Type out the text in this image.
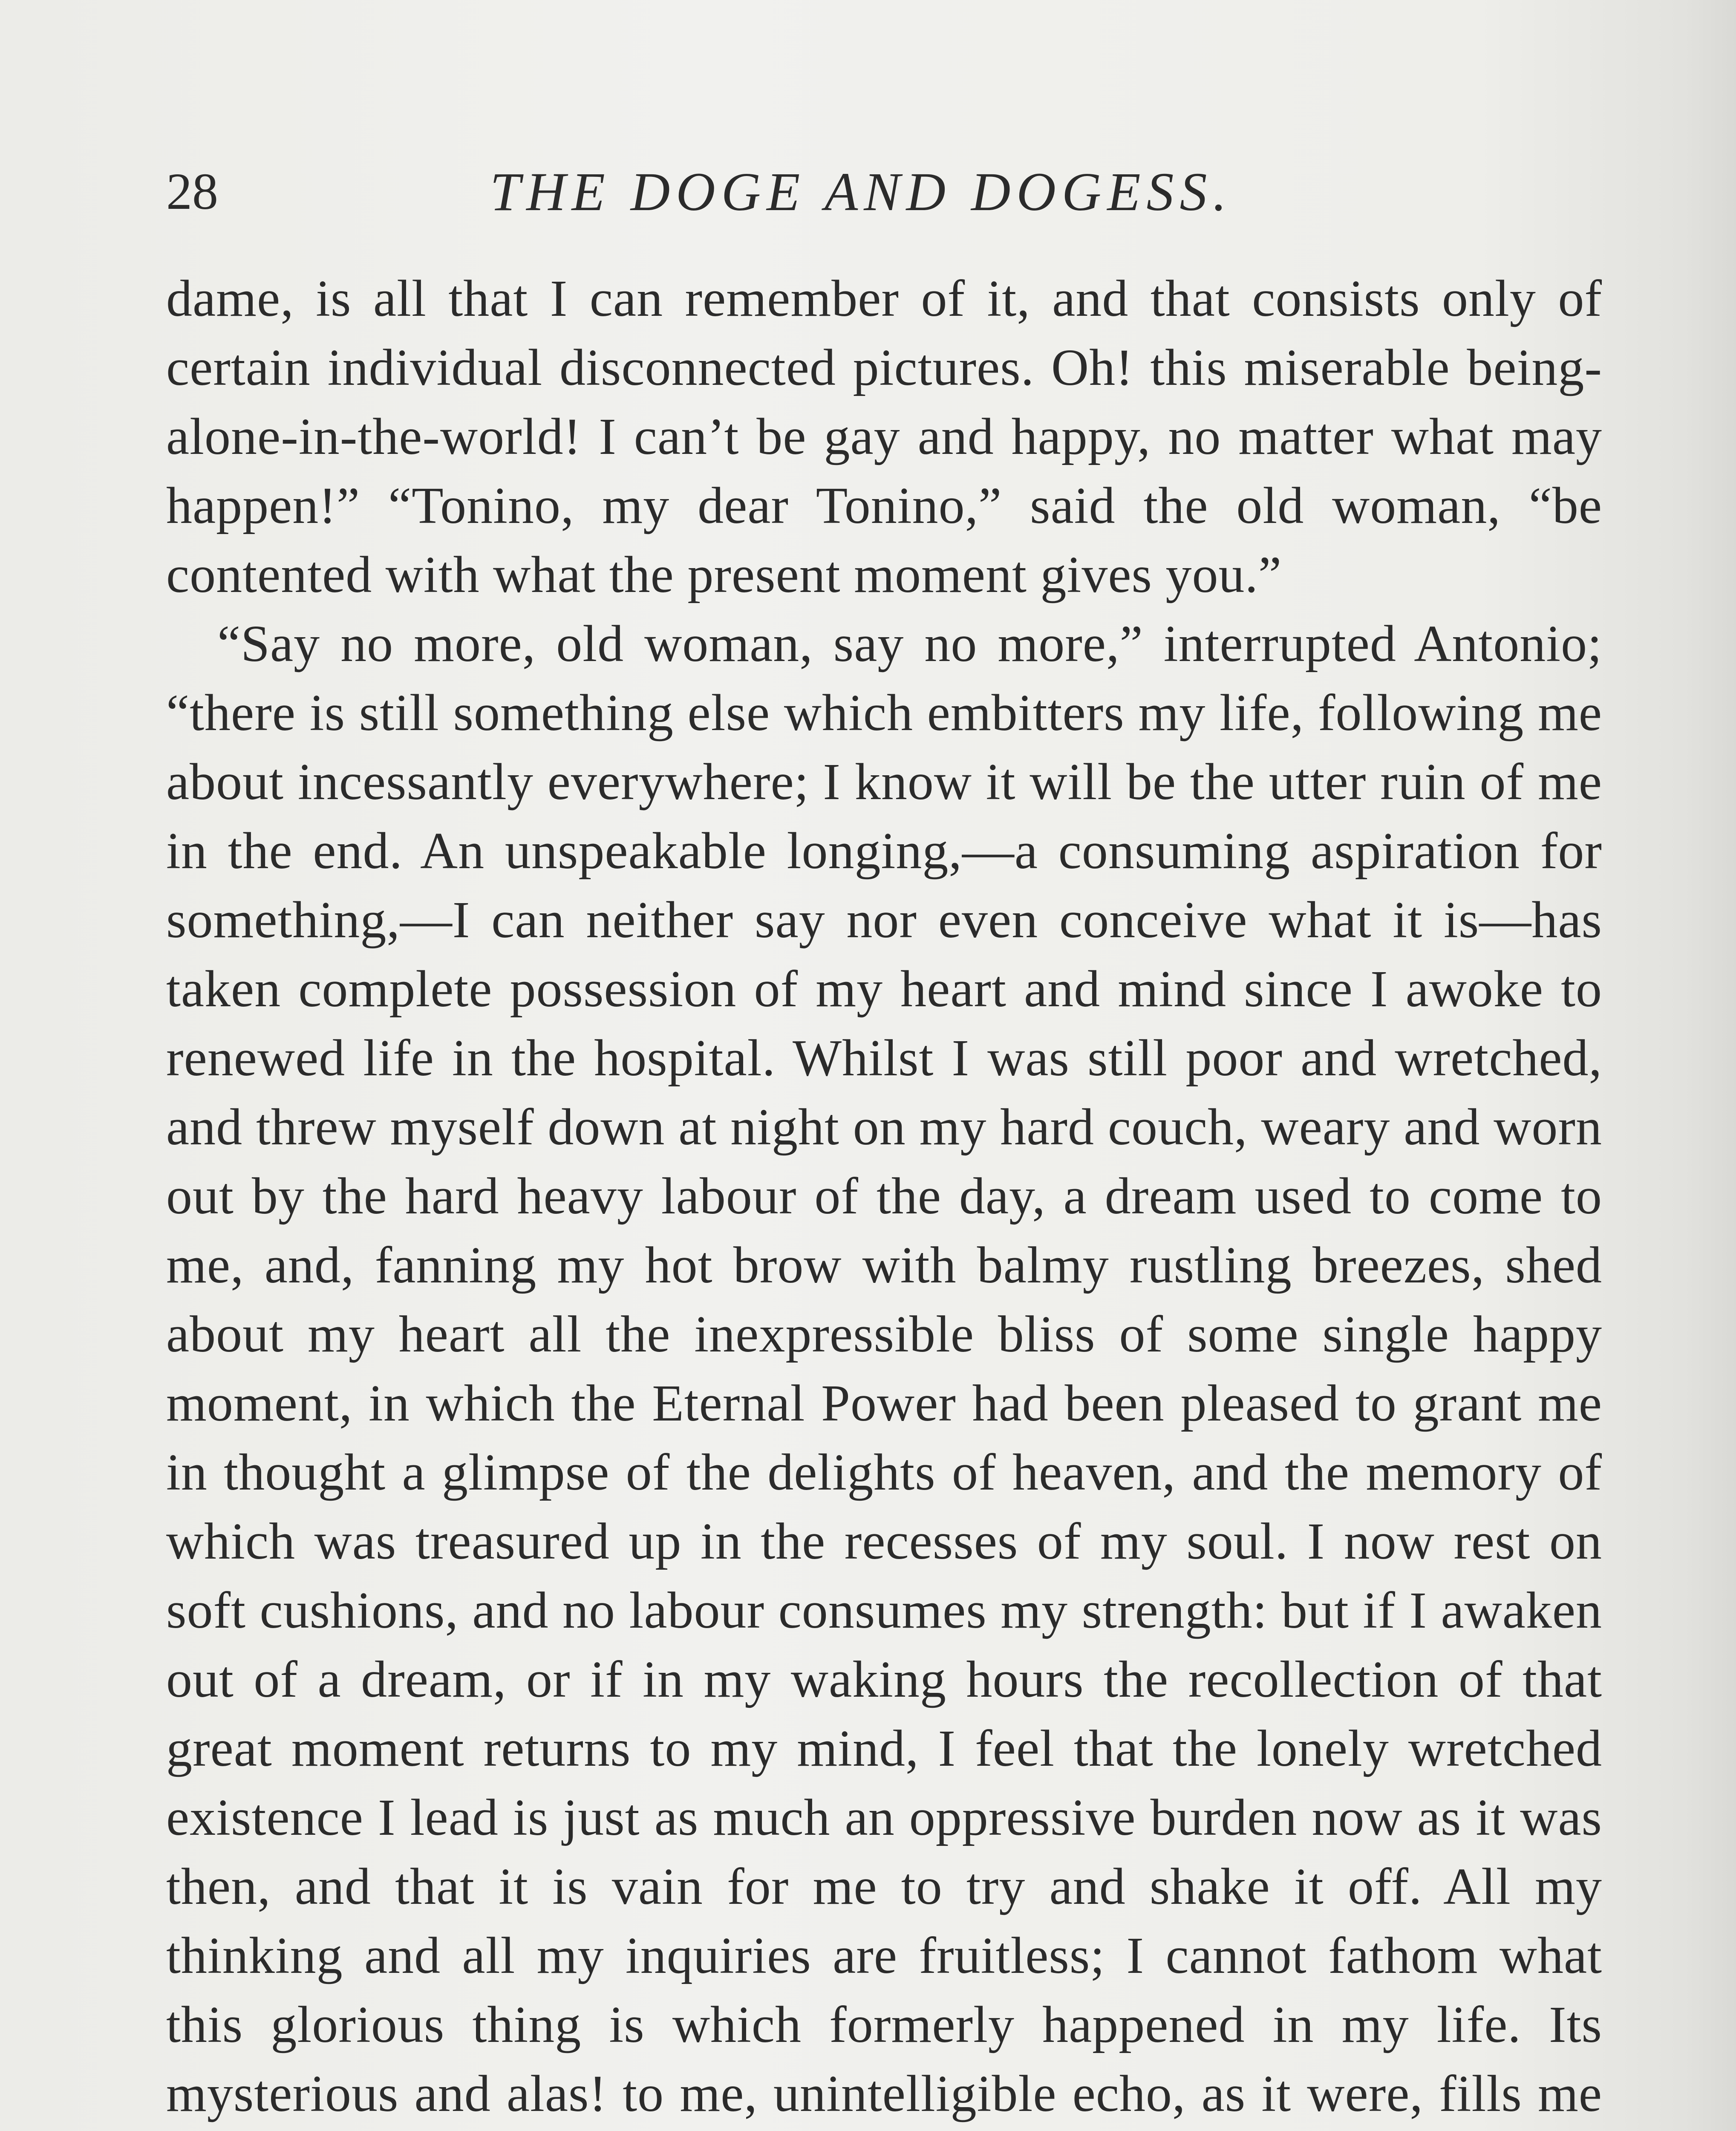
28	THE DOGE AND DOGESS.

dame, is all that I can remember of it, and that consists only of certain individual disconnected pictures. Oh! this miserable being-alone-in-the-world! I can’t be gay and happy, no matter what may happen!” “Tonino, my dear Tonino,” said the old woman, “be contented with what the present moment gives you.”

“Say no more, old woman, say no more,” interrupted Antonio; “there is still something else which embitters my life, following me about incessantly everywhere; I know it will be the utter ruin of me in the end. An unspeakable longing,—a consuming aspiration for something,—I can neither say nor even conceive what it is—has taken complete possession of my heart and mind since I awoke to renewed life in the hospital. Whilst I was still poor and wretched, and threw myself down at night on my hard couch, weary and worn out by the hard heavy labour of the day, a dream used to come to me, and, fanning my hot brow with balmy rustling breezes, shed about my heart all the inexpressible bliss of some single happy moment, in which the Eternal Power had been pleased to grant me in thought a glimpse of the delights of heaven, and the memory of which was treasured up in the recesses of my soul. I now rest on soft cushions, and no labour consumes my strength: but if I awaken out of a dream, or if in my waking hours the recollection of that great moment returns to my mind, I feel that the lonely wretched existence I lead is just as much an oppressive burden now as it was then, and that it is vain for me to try and shake it off. All my thinking and all my inquiries are fruitless; I cannot fathom what this glorious thing is which formerly happened in my life. Its mysterious and alas! to me, unintelligible echo, as it were, fills me
